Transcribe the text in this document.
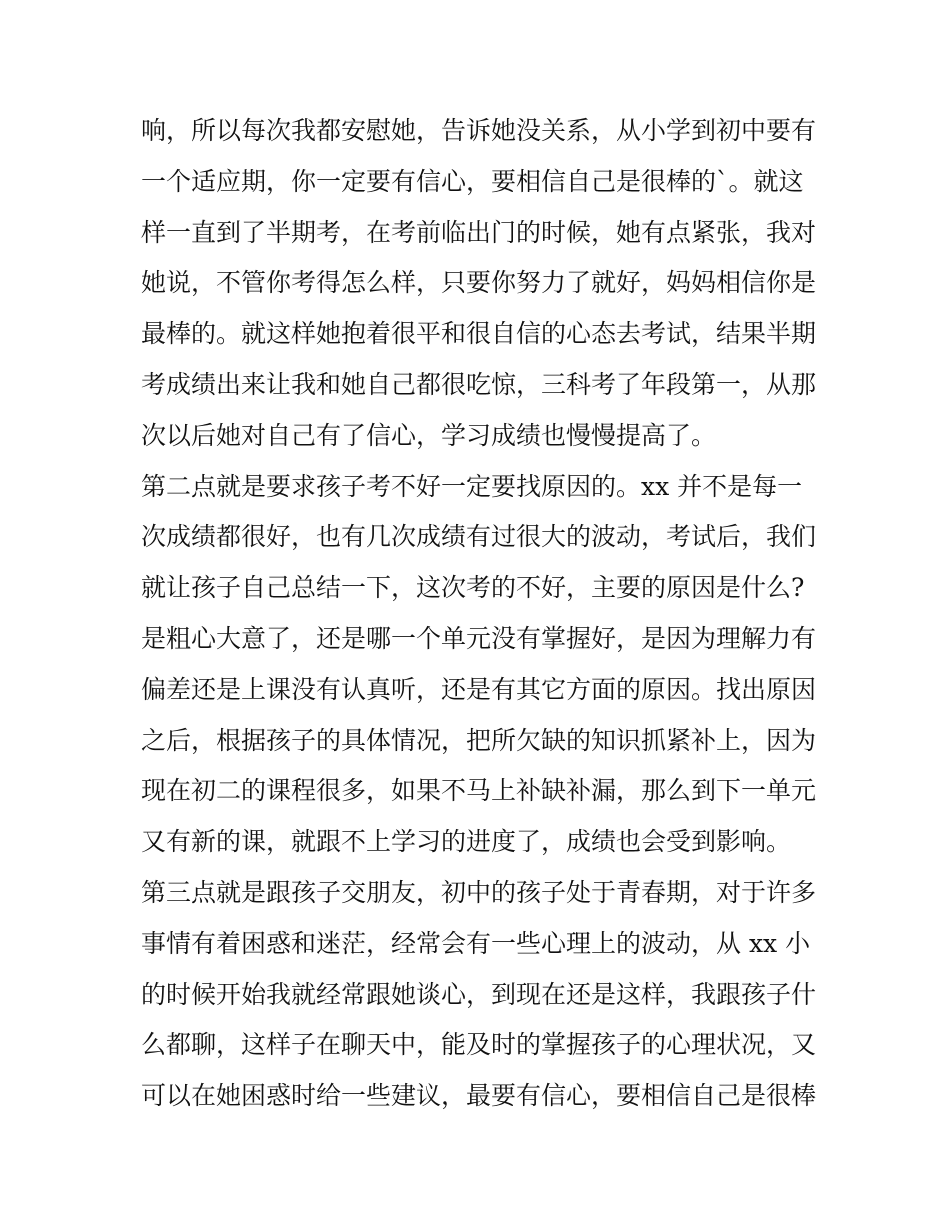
响，所以每次我都安慰她，告诉她没关系，从小学到初中要有
一个适应期，你一定要有信心，要相信自己是很棒的`。就这
样一直到了半期考，在考前临出门的时候，她有点紧张，我对
她说，不管你考得怎么样，只要你努力了就好，妈妈相信你是
最棒的。就这样她抱着很平和很自信的心态去考试，结果半期
考成绩出来让我和她自己都很吃惊，三科考了年段第一，从那
次以后她对自己有了信心，学习成绩也慢慢提高了。
第二点就是要求孩子考不好一定要找原因的。xx 并不是每一
次成绩都很好，也有几次成绩有过很大的波动，考试后，我们
就让孩子自己总结一下，这次考的不好，主要的原因是什么?
是粗心大意了，还是哪一个单元没有掌握好，是因为理解力有
偏差还是上课没有认真听，还是有其它方面的原因。找出原因
之后，根据孩子的具体情况，把所欠缺的知识抓紧补上，因为
现在初二的课程很多，如果不马上补缺补漏，那么到下一单元
又有新的课，就跟不上学习的进度了，成绩也会受到影响。
第三点就是跟孩子交朋友，初中的孩子处于青春期，对于许多
事情有着困惑和迷茫，经常会有一些心理上的波动，从 xx 小
的时候开始我就经常跟她谈心，到现在还是这样，我跟孩子什
么都聊，这样子在聊天中，能及时的掌握孩子的心理状况，又
可以在她困惑时给一些建议，最要有信心，要相信自己是很棒
